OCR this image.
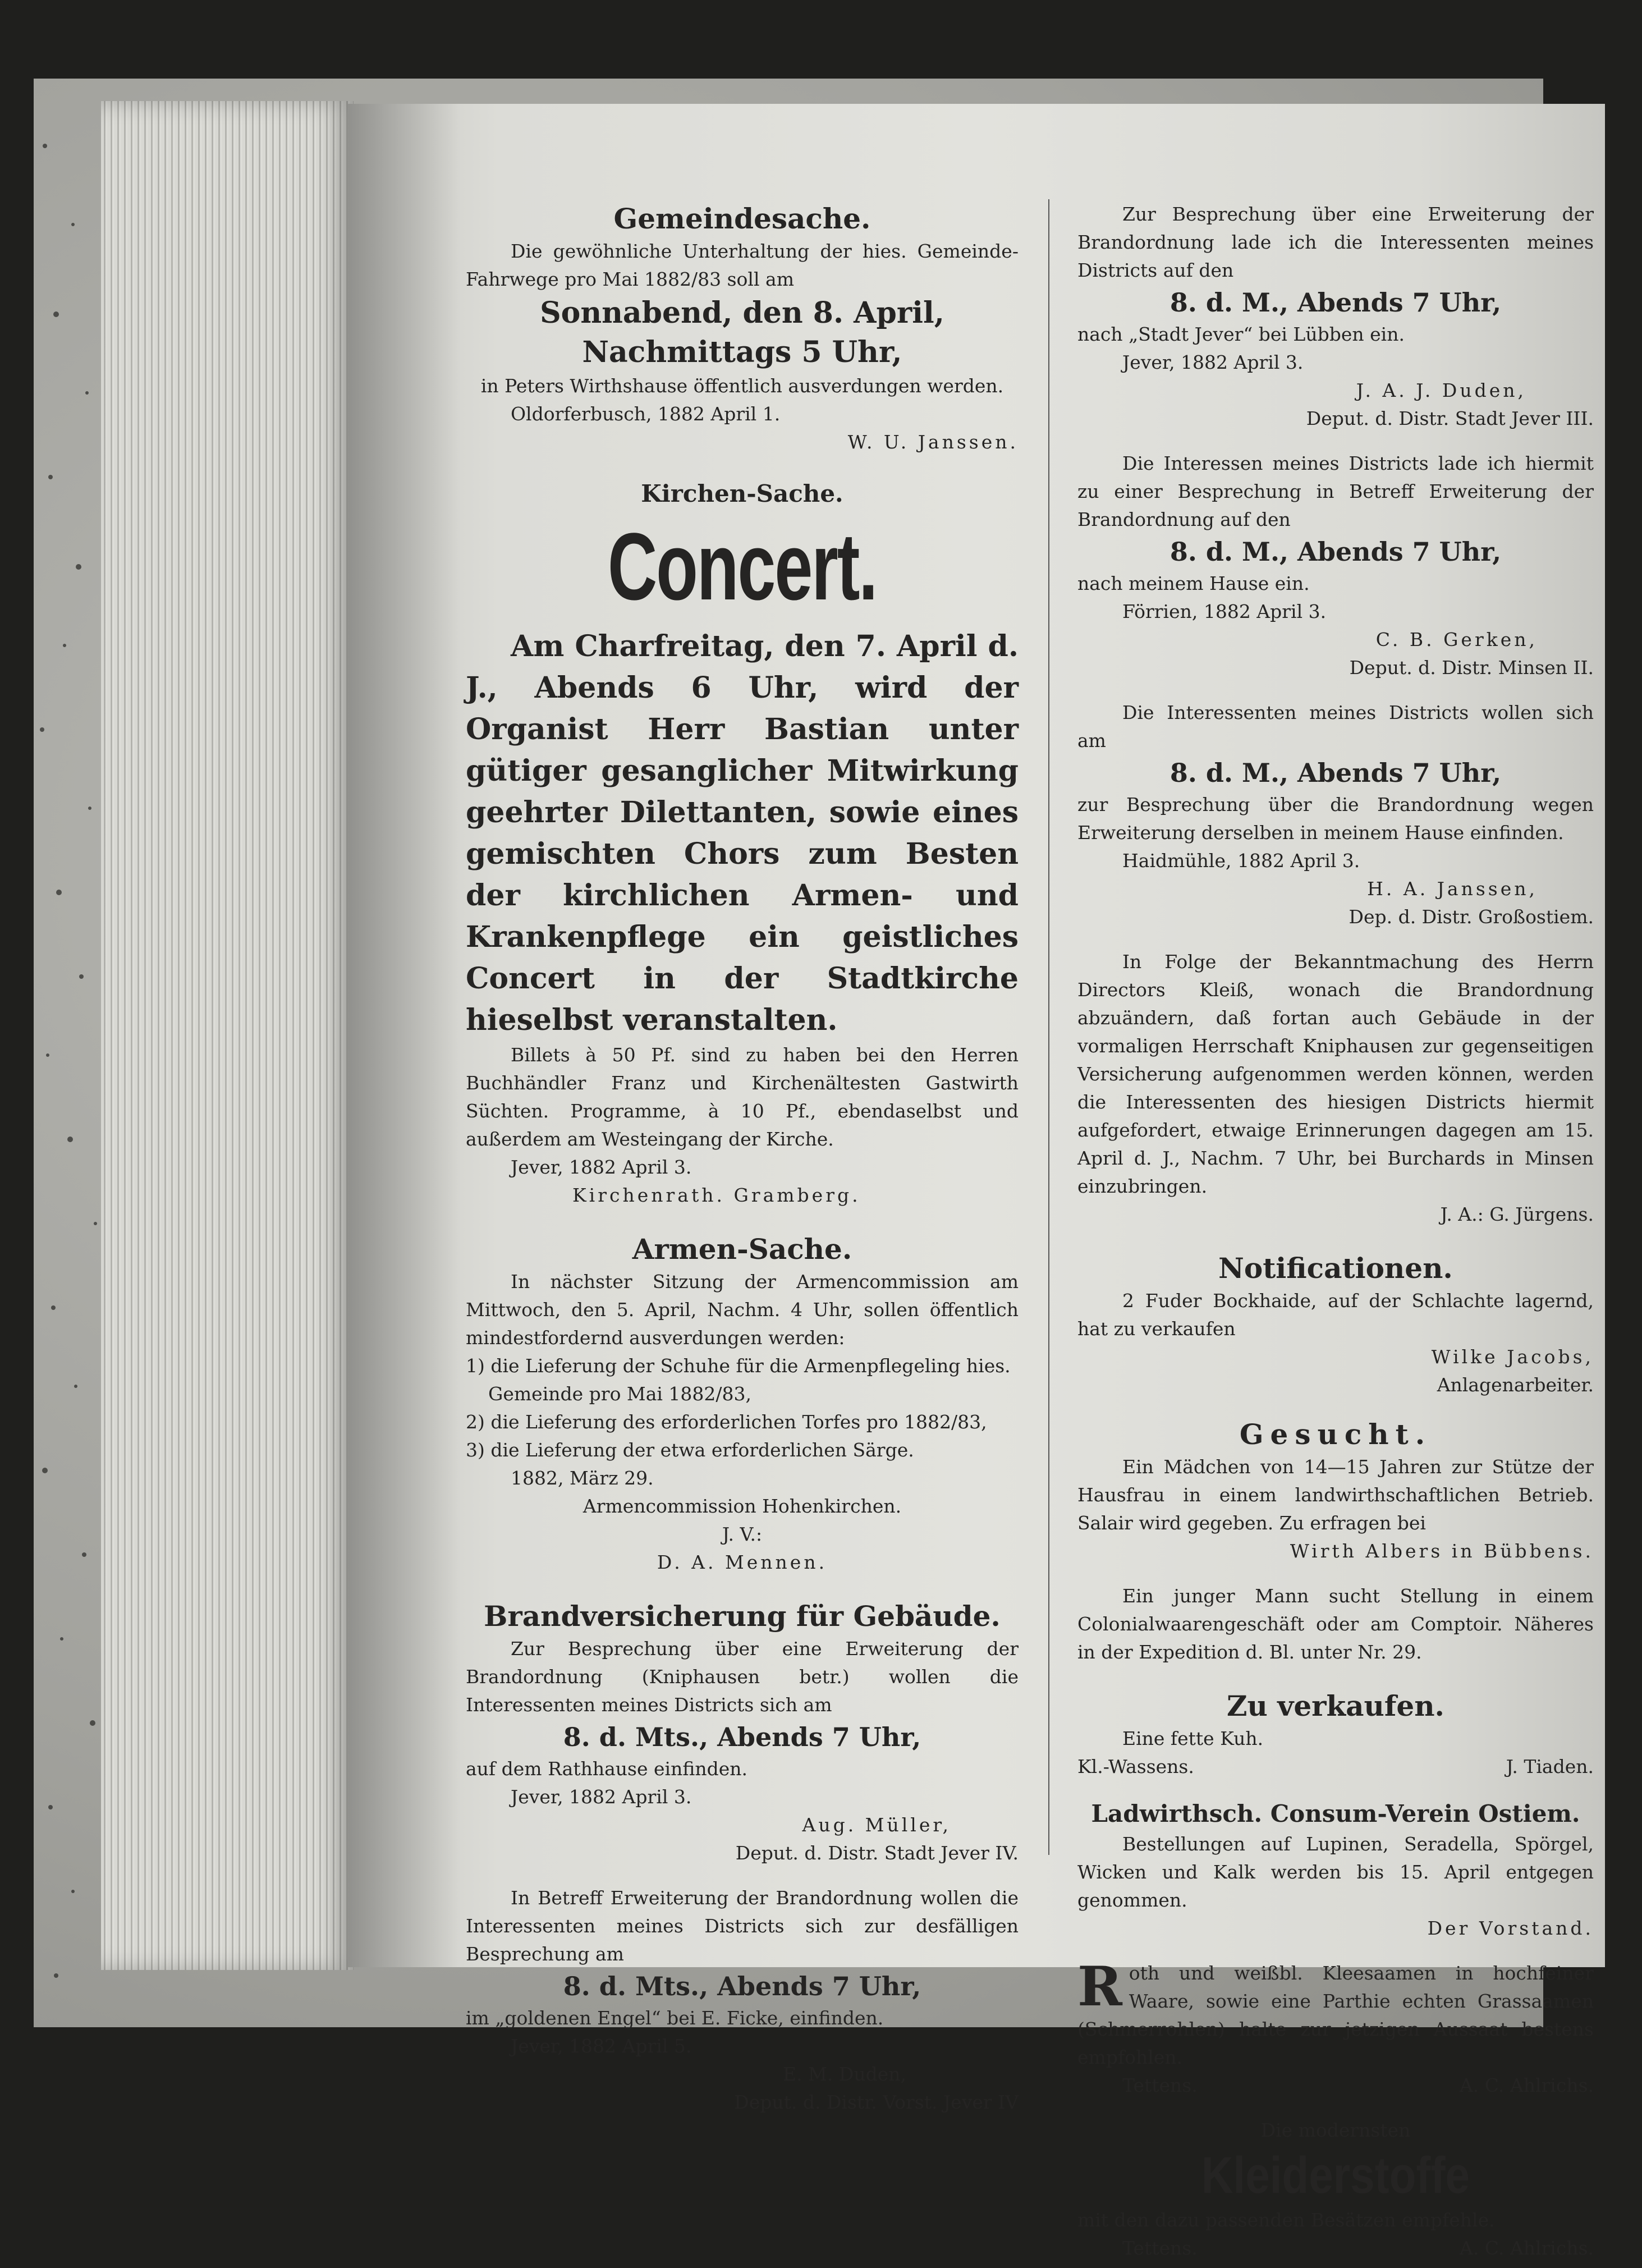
Gemeindesache.
Die gewöhnliche Unterhaltung der hies. Gemeinde-Fahrwege pro Mai 1882/83 soll am
Sonnabend, den 8. April,
Nachmittags 5 Uhr,
in Peters Wirthshause öffentlich ausverdungen werden.
Oldorferbusch, 1882 April 1.
W. U. Janssen.
Kirchen-Sache.
Concert.
Am Charfreitag, den 7. April d. J., Abends 6 Uhr, wird der Organist Herr Bastian unter gütiger gesanglicher Mitwirkung geehrter Dilettanten, sowie eines gemischten Chors zum Besten der kirchlichen Armen- und Krankenpflege ein geistliches Concert in der Stadtkirche hieselbst veranstalten.
Billets à 50 Pf. sind zu haben bei den Herren Buchhändler Franz und Kirchenältesten Gastwirth Süchten. Programme, à 10 Pf., ebendaselbst und außerdem am Westeingang der Kirche.
Jever, 1882 April 3.
Kirchenrath. Gramberg.
Armen-Sache.
In nächster Sitzung der Armencommission am Mittwoch, den 5. April, Nachm. 4 Uhr, sollen öffentlich mindestfordernd ausverdungen werden:
1) die Lieferung der Schuhe für die Armenpflegeling hies. Gemeinde pro Mai 1882/83,
2) die Lieferung des erforderlichen Torfes pro 1882/83,
3) die Lieferung der etwa erforderlichen Särge.
1882, März 29.
Armencommission Hohenkirchen.
J. V.:
D. A. Mennen.
Brandversicherung für Gebäude.
Zur Besprechung über eine Erweiterung der Brandordnung (Kniphausen betr.) wollen die Interessenten meines Districts sich am
8. d. Mts., Abends 7 Uhr,
auf dem Rathhause einfinden.
Jever, 1882 April 3.
Aug. Müller,
Deput. d. Distr. Stadt Jever IV.
In Betreff Erweiterung der Brandordnung wollen die Interessenten meines Districts sich zur desfälligen Besprechung am
8. d. Mts., Abends 7 Uhr,
im „goldenen Engel“ bei E. Ficke, einfinden.
Jever, 1882 April 5.
E. M. Duden,
Deput. d. Distr. Vorst. Jever IV
Zur Besprechung über eine Erweiterung der Brandordnung lade ich die Interessenten meines Districts auf den
8. d. M., Abends 7 Uhr,
nach „Stadt Jever“ bei Lübben ein.
Jever, 1882 April 3.
J. A. J. Duden,
Deput. d. Distr. Stadt Jever III.
Die Interessen meines Districts lade ich hiermit zu einer Besprechung in Betreff Erweiterung der Brandordnung auf den
8. d. M., Abends 7 Uhr,
nach meinem Hause ein.
Förrien, 1882 April 3.
C. B. Gerken,
Deput. d. Distr. Minsen II.
Die Interessenten meines Districts wollen sich am
8. d. M., Abends 7 Uhr,
zur Besprechung über die Brandordnung wegen Erweiterung derselben in meinem Hause einfinden.
Haidmühle, 1882 April 3.
H. A. Janssen,
Dep. d. Distr. Großostiem.
In Folge der Bekanntmachung des Herrn Directors Kleiß, wonach die Brandordnung abzuändern, daß fortan auch Gebäude in der vormaligen Herrschaft Kniphausen zur gegenseitigen Versicherung aufgenommen werden können, werden die Interessenten des hiesigen Districts hiermit aufgefordert, etwaige Erinnerungen dagegen am 15. April d. J., Nachm. 7 Uhr, bei Burchards in Minsen einzubringen.
J. A.: G. Jürgens.
Notificationen.
2 Fuder Bockhaide, auf der Schlachte lagernd, hat zu verkaufen
Wilke Jacobs,
Anlagenarbeiter.
Gesucht.
Ein Mädchen von 14—15 Jahren zur Stütze der Hausfrau in einem landwirthschaftlichen Betrieb. Salair wird gegeben. Zu erfragen bei
Wirth Albers in Bübbens.
Ein junger Mann sucht Stellung in einem Colonialwaarengeschäft oder am Comptoir. Näheres in der Expedition d. Bl. unter Nr. 29.
Zu verkaufen.
Eine fette Kuh.
Kl.-Wassens.	J. Tiaden.
Ladwirthsch. Consum-Verein Ostiem.
Bestellungen auf Lupinen, Seradella, Spörgel, Wicken und Kalk werden bis 15. April entgegen genommen.
Der Vorstand.
R oth und weißbl. Kleesaamen in hochfeiner Waare, sowie eine Parthie echten Grassaamen (Schmerrohlen) halte zur jetzigen Aussaat bestens empfohlen.
Tettens.	A. C. Ahlrichs.
Die modernsten
Kleiderstoffe
mit den dazu passenden Besätzen empfehle.
Tettens.	A. C. Ahlrichs.
